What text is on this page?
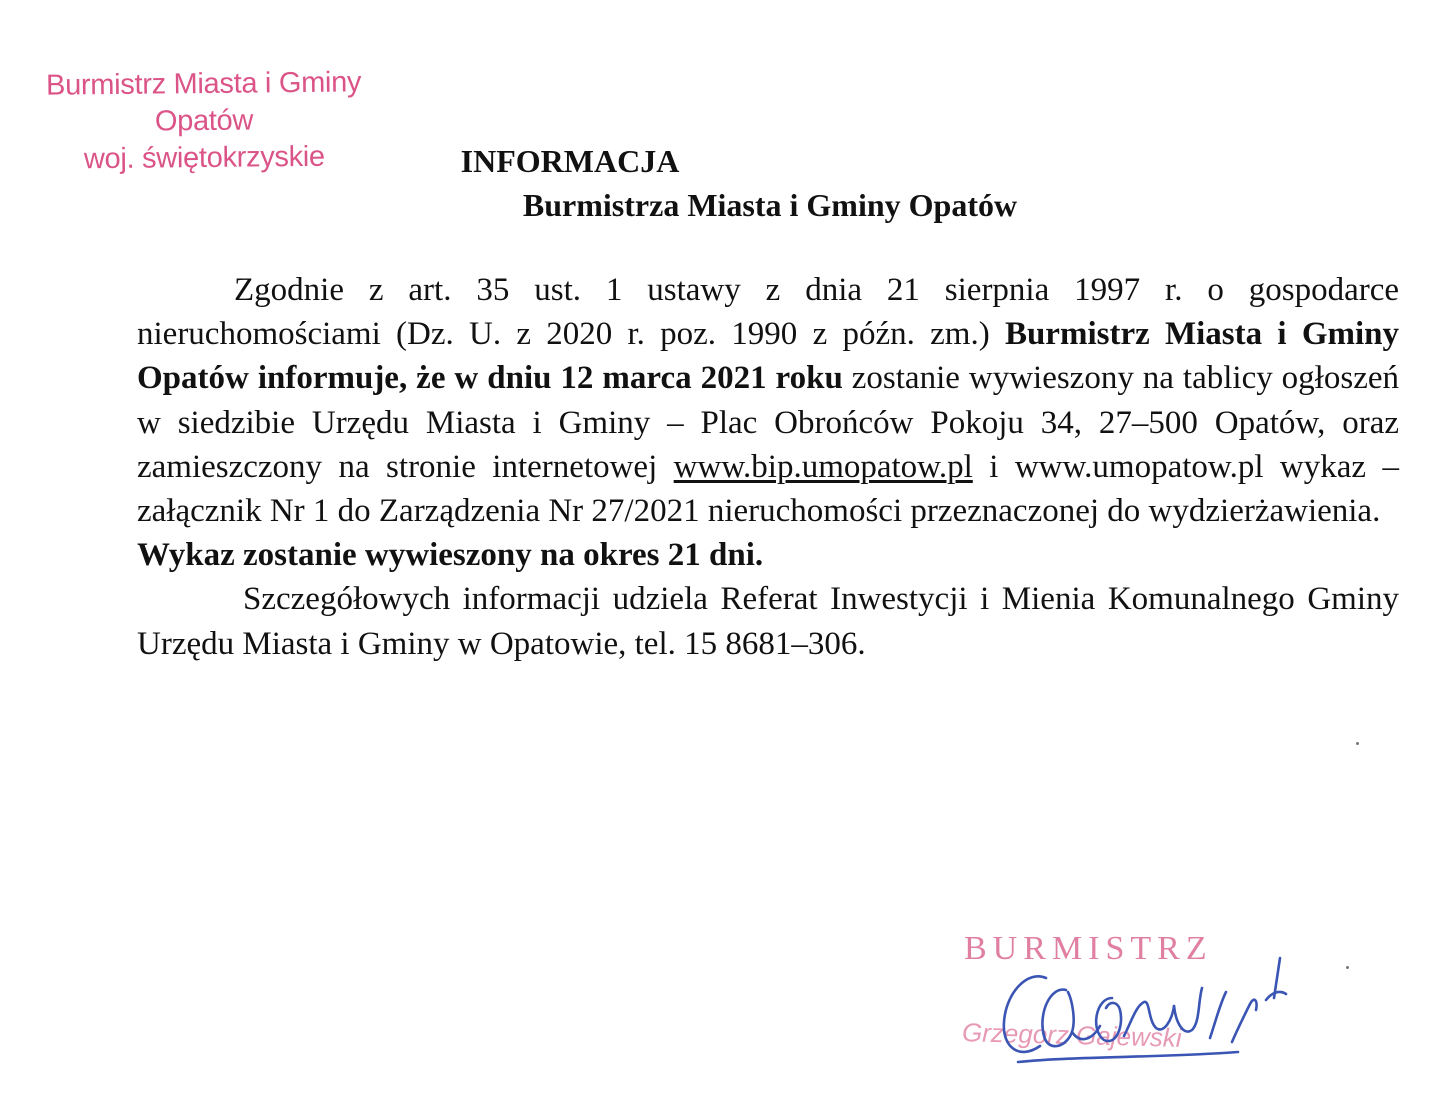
Burmistrz Miasta i Gminy
Opatów
woj. świętokrzyskie	INFORMACJA
Burmistrza Miasta i Gminy Opatów

Zgodnie z art. 35 ust. 1 ustawy z dnia 21 sierpnia 1997 r. o gospodarce nieruchomościami (Dz. U. z 2020 r. poz. 1990 z późn. zm.) Burmistrz Miasta i Gminy Opatów informuje, że w dniu 12 marca 2021 roku zostanie wywieszony na tablicy ogłoszeń w siedzibie Urzędu Miasta i Gminy – Plac Obrońców Pokoju 34, 27–500 Opatów, oraz zamieszczony na stronie internetowej www.bip.umopatow.pl i www.umopatow.pl wykaz –załącznik Nr 1 do Zarządzenia Nr 27/2021 nieruchomości przeznaczonej do wydzierżawienia.

Wykaz zostanie wywieszony na okres 21 dni.

Szczegółowych informacji udziela Referat Inwestycji i Mienia Komunalnego Gminy Urzędu Miasta i Gminy w Opatowie, tel. 15 8681–306.

BURMISTRZ
Grzegorz Gajewski
